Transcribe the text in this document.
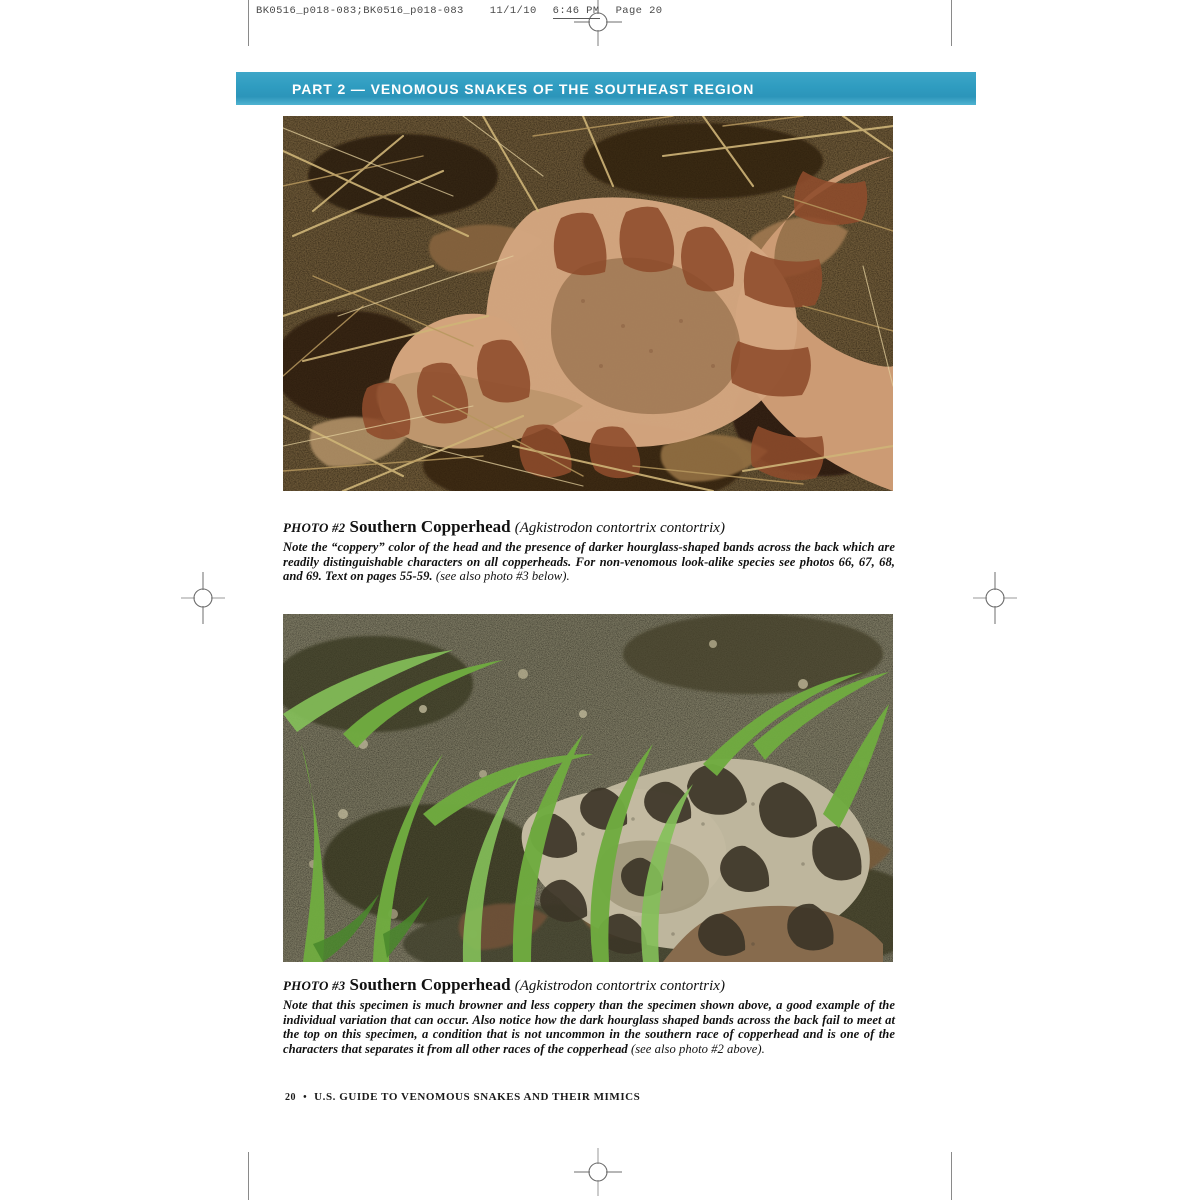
BK0516_p018-083;BK0516_p018-083 11/1/10 6:46 PM Page 20
PART 2 — VENOMOUS SNAKES OF THE SOUTHEAST REGION
PHOTO #2 Southern Copperhead (Agkistrodon contortrix contortrix)
Note the “coppery” color of the head and the presence of darker hourglass-shaped bands across the back which are readily distinguishable characters on all copperheads. For non-venomous look-alike species see photos 66, 67, 68, and 69. Text on pages 55-59. (see also photo #3 below).
PHOTO #3 Southern Copperhead (Agkistrodon contortrix contortrix)
Note that this specimen is much browner and less coppery than the specimen shown above, a good example of the individual variation that can occur. Also notice how the dark hourglass shaped bands across the back fail to meet at the top on this specimen, a condition that is not uncommon in the southern race of copperhead and is one of the characters that separates it from all other races of the copperhead (see also photo #2 above).
20 • U.S. GUIDE TO VENOMOUS SNAKES AND THEIR MIMICS
